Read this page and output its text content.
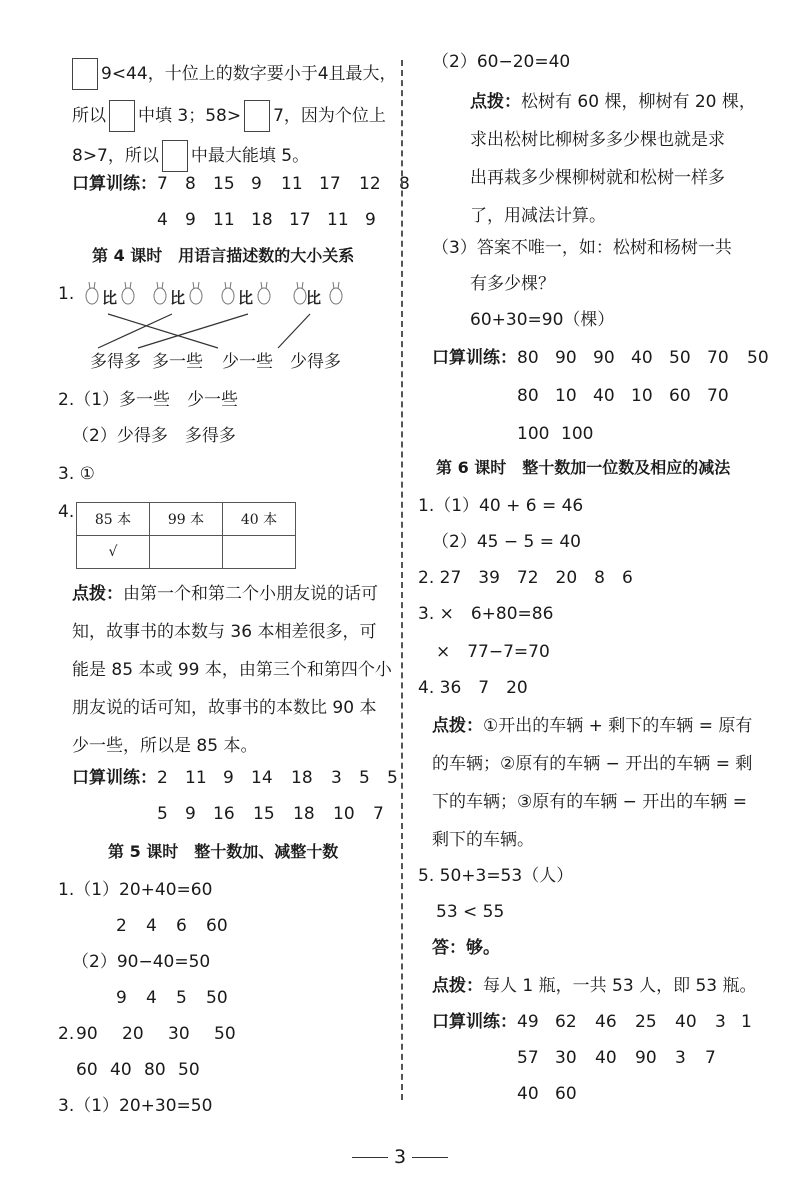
9<44，十位上的数字要小于4且最大，
所以 中填 3；58> 7，因为个位上
8>7，所以 中最大能填 5。
口算训练： 7 8 15 9 11 17 12 8
4 9 11 18 17 11 9
第 4 课时　用语言描述数的大小关系
1. 比	比	比	比
多得多 多一些 少一些 少得多
2.（1）多一些　少一些
（2）少得多　多得多
3. ①
4. 85 本	99 本	40 本
√		
点拨：由第一个和第二个小朋友说的话可
知，故事书的本数与 36 本相差很多，可
能是 85 本或 99 本，由第三个和第四个小
朋友说的话可知，故事书的本数比 90 本
少一些，所以是 85 本。
口算训练： 2 11 9 14 18 3 5 5
5 9 16 15 18 10 7
第 5 课时　整十数加、减整十数
1.（1）20+40=60
2 4 6 60
（2）90−40=50
9 4 5 50
2. 90 20 30 50
60 40 80 50
3.（1）20+30=50
（2）60−20=40
点拨：松树有 60 棵，柳树有 20 棵，
求出松树比柳树多多少棵也就是求
出再栽多少棵柳树就和松树一样多
了，用减法计算。
（3）答案不唯一，如：松树和杨树一共
有多少棵？
60+30=90（棵）
口算训练： 80 90 90 40 50 70 50
80 10 40 10 60 70
100 100
第 6 课时　整十数加一位数及相应的减法
1.（1）40 + 6 = 46
（2）45 − 5 = 40
2. 27　39　72　20　8　6
3. ×　6+80=86
×　77−7=70
4. 36　7　20
点拨：①开出的车辆 + 剩下的车辆 = 原有
的车辆；②原有的车辆 − 开出的车辆 = 剩
下的车辆；③原有的车辆 − 开出的车辆 =
剩下的车辆。
5. 50+3=53（人）
53 < 55
答：够。
点拨：每人 1 瓶，一共 53 人，即 53 瓶。
口算训练： 49 62 46 25 40 3 1
57 30 40 90 3 7
40 60
3
